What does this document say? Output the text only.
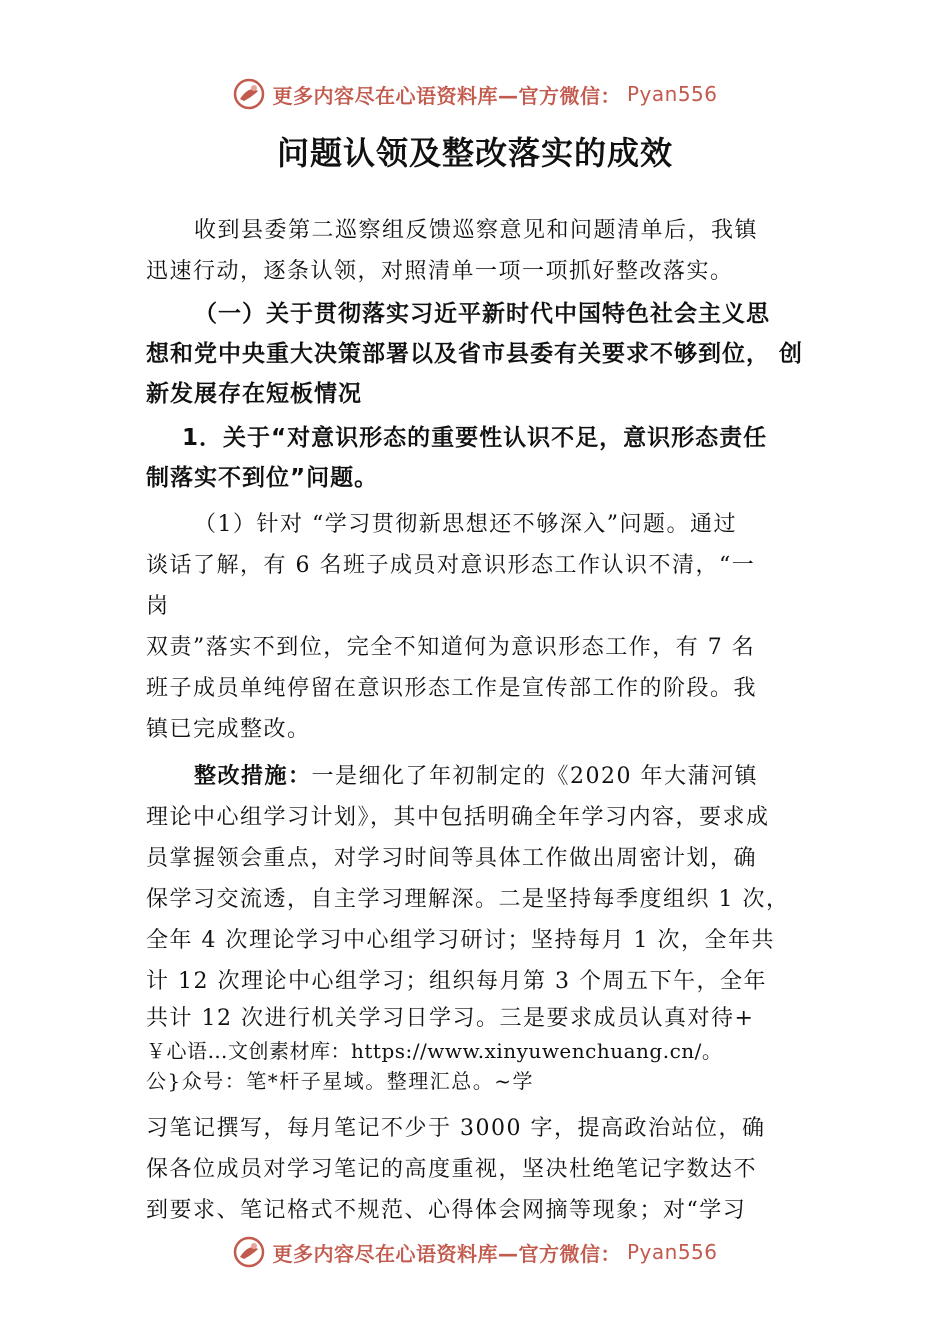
更多内容尽在心语资料库—官方微信： Pyan556
问题认领及整改落实的成效

收到县委第二巡察组反馈巡察意见和问题清单后，我镇

迅速行动，逐条认领，对照清单一项一项抓好整改落实。

（一）关于贯彻落实习近平新时代中国特色社会主义思

想和党中央重大决策部署以及省市县委有关要求不够到位， 创

新发展存在短板情况

1．关于“对意识形态的重要性认识不足，意识形态责任

制落实不到位”问题。

（1）针对 “学习贯彻新思想还不够深入”问题。通过

谈话了解，有 6 名班子成员对意识形态工作认识不清，“一

岗

双责”落实不到位，完全不知道何为意识形态工作，有 7 名

班子成员单纯停留在意识形态工作是宣传部工作的阶段。我

镇已完成整改。

整改措施：一是细化了年初制定的《2020 年大蒲河镇

理论中心组学习计划》，其中包括明确全年学习内容，要求成

员掌握领会重点，对学习时间等具体工作做出周密计划，确

保学习交流透，自主学习理解深。二是坚持每季度组织 1 次，

全年 4 次理论学习中心组学习研讨；坚持每月 1 次，全年共

计 12 次理论中心组学习；组织每月第 3 个周五下午，全年

共计 12 次进行机关学习日学习。三是要求成员认真对待+

￥心语…文创素材库：https://www.xinyuwenchuang.cn/。

公}众号：笔*杆子星域。整理汇总。~学

习笔记撰写，每月笔记不少于 3000 字，提高政治站位，确

保各位成员对学习笔记的高度重视，坚决杜绝笔记字数达不

到要求、笔记格式不规范、心得体会网摘等现象；对“学习

更多内容尽在心语资料库—官方微信： Pyan556
